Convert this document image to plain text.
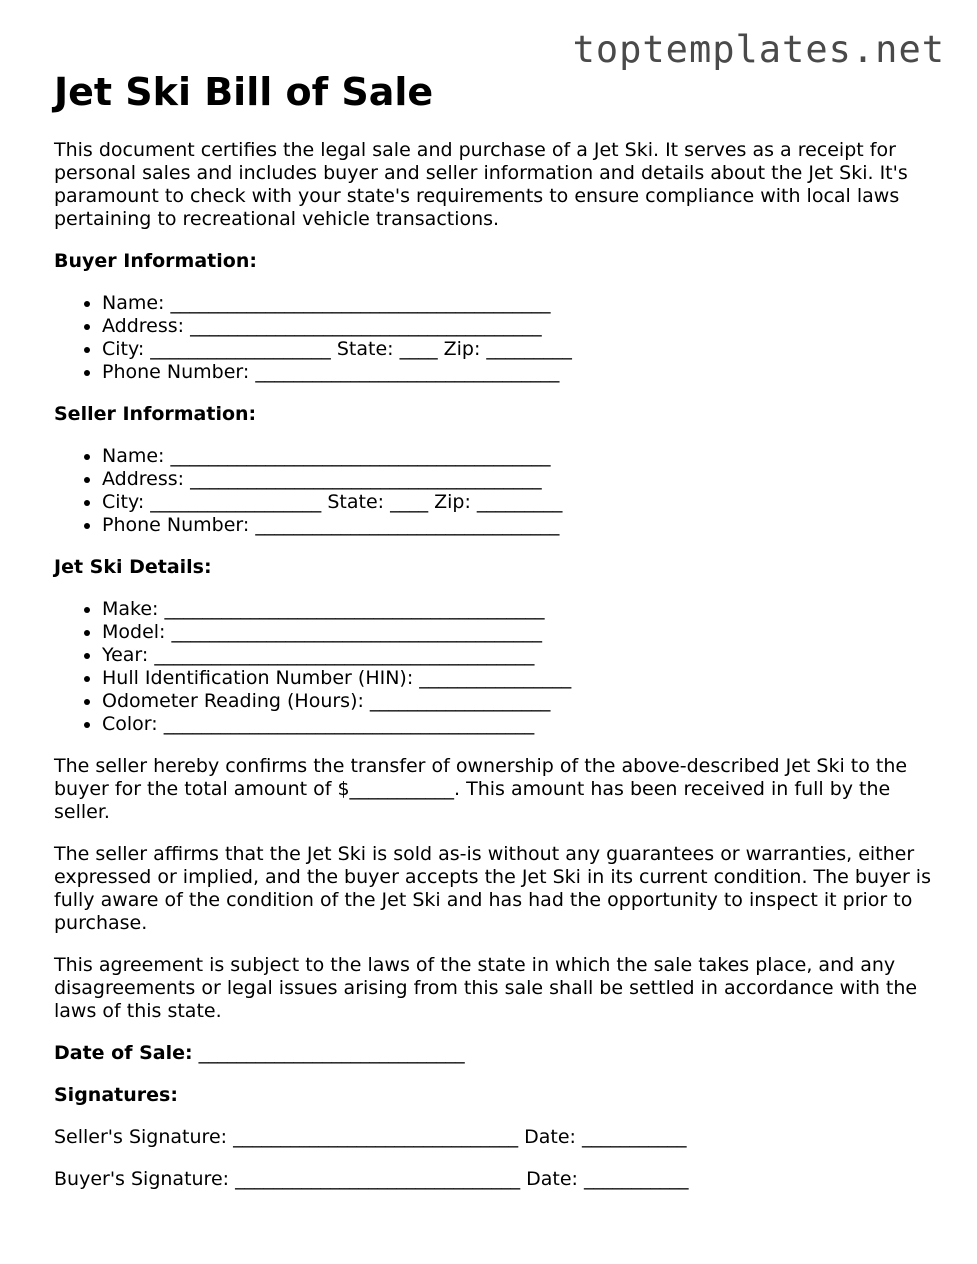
toptemplates.net
Jet Ski Bill of Sale

This document certifies the legal sale and purchase of a Jet Ski. It serves as a receipt for personal sales and includes buyer and seller information and details about the Jet Ski. It's paramount to check with your state's requirements to ensure compliance with local laws pertaining to recreational vehicle transactions.

Buyer Information:

• Name: ________________________________________
• Address: _____________________________________
• City: ___________________ State: ____ Zip: _________
• Phone Number: ________________________________

Seller Information:

• Name: ________________________________________
• Address: _____________________________________
• City: __________________ State: ____ Zip: _________
• Phone Number: ________________________________

Jet Ski Details:

• Make: ________________________________________
• Model: _______________________________________
• Year: ________________________________________
• Hull Identification Number (HIN): ________________
• Odometer Reading (Hours): ___________________
• Color: _______________________________________

The seller hereby confirms the transfer of ownership of the above-described Jet Ski to the buyer for the total amount of $___________. This amount has been received in full by the seller.

The seller affirms that the Jet Ski is sold as-is without any guarantees or warranties, either expressed or implied, and the buyer accepts the Jet Ski in its current condition. The buyer is fully aware of the condition of the Jet Ski and has had the opportunity to inspect it prior to purchase.

This agreement is subject to the laws of the state in which the sale takes place, and any disagreements or legal issues arising from this sale shall be settled in accordance with the laws of this state.

Date of Sale: ____________________________

Signatures:

Seller's Signature: ______________________________ Date: ___________

Buyer's Signature: ______________________________ Date: ___________
